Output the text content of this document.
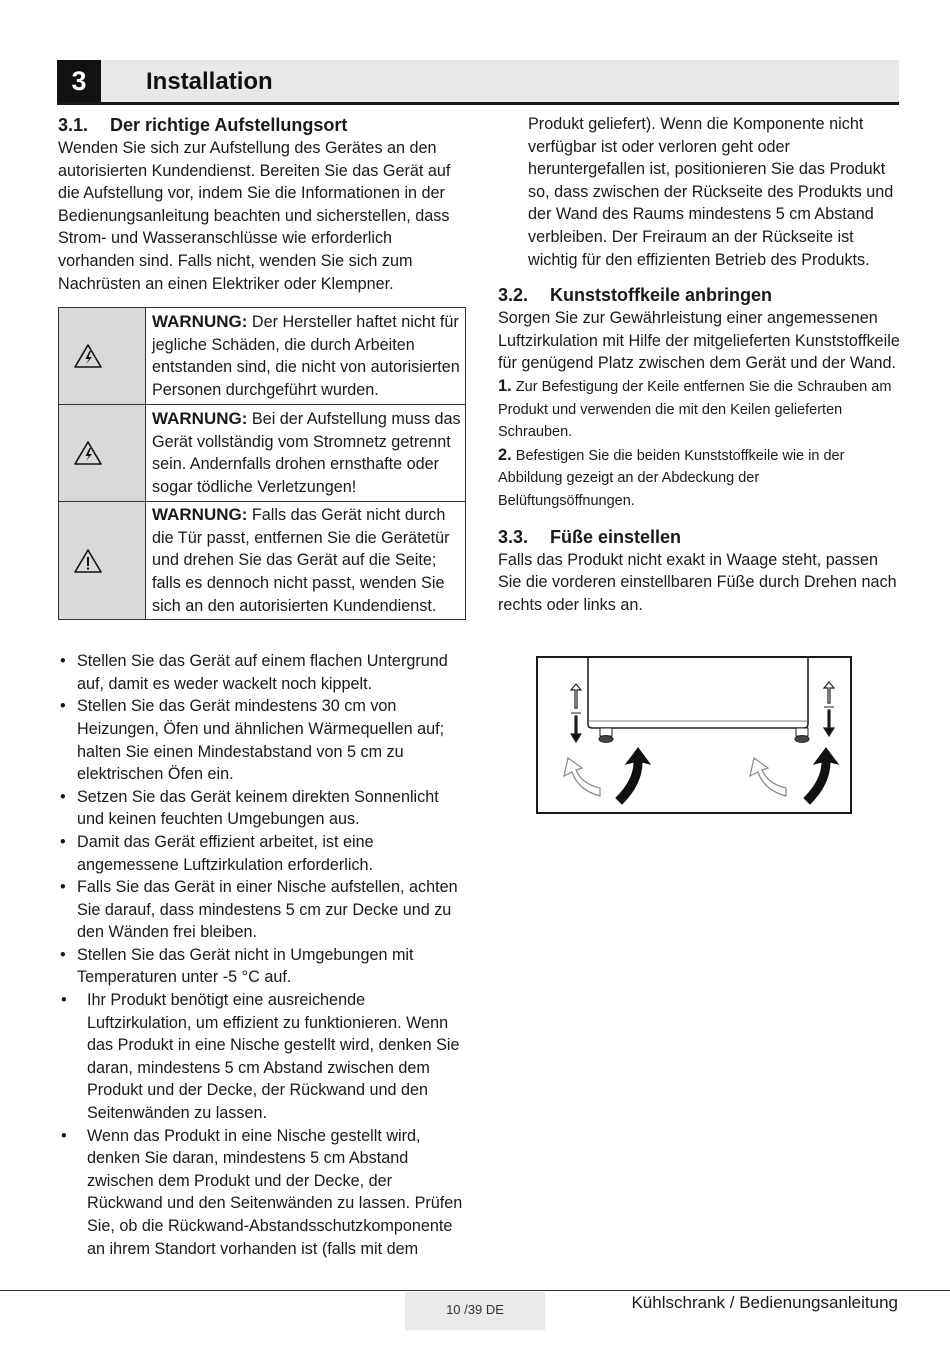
3	Installation
3.1. Der richtige Aufstellungsort

Wenden Sie sich zur Aufstellung des Gerätes an den autorisierten Kundendienst. Bereiten Sie das Gerät auf die Aufstellung vor, indem Sie die Informationen in der Bedienungsanleitung beachten und sicherstellen, dass Strom- und Wasseranschlüsse wie erforderlich vorhanden sind. Falls nicht, wenden Sie sich zum Nachrüsten an einen Elektriker oder Klempner.

	WARNUNG: Der Hersteller haftet nicht für jegliche Schäden, die durch Arbeiten entstanden sind, die nicht von autorisierten Personen durchgeführt wurden.

	WARNUNG: Bei der Aufstellung muss das Gerät vollständig vom Stromnetz getrennt sein. Andernfalls drohen ernsthafte oder sogar tödliche Verletzungen!

	WARNUNG: Falls das Gerät nicht durch die Tür passt, entfernen Sie die Gerätetür und drehen Sie das Gerät auf die Seite; falls es dennoch nicht passt, wenden Sie sich an den autorisierten Kundendienst.
• Stellen Sie das Gerät auf einem flachen Untergrund auf, damit es weder wackelt noch kippelt.
• Stellen Sie das Gerät mindestens 30 cm von Heizungen, Öfen und ähnlichen Wärmequellen auf; halten Sie einen Mindestabstand von 5 cm zu elektrischen Öfen ein.
• Setzen Sie das Gerät keinem direkten Sonnenlicht und keinen feuchten Umgebungen aus.
• Damit das Gerät effizient arbeitet, ist eine angemessene Luftzirkulation erforderlich.
• Falls Sie das Gerät in einer Nische aufstellen, achten Sie darauf, dass mindestens 5 cm zur Decke und zu den Wänden frei bleiben.
• Stellen Sie das Gerät nicht in Umgebungen mit Temperaturen unter -5 °C auf.
• Ihr Produkt benötigt eine ausreichende Luftzirkulation, um effizient zu funktionieren. Wenn das Produkt in eine Nische gestellt wird, denken Sie daran, mindestens 5 cm Abstand zwischen dem Produkt und der Decke, der Rückwand und den Seitenwänden zu lassen.
• Wenn das Produkt in eine Nische gestellt wird, denken Sie daran, mindestens 5 cm Abstand zwischen dem Produkt und der Decke, der Rückwand und den Seitenwänden zu lassen. Prüfen Sie, ob die Rückwand-Abstandsschutzkomponente an ihrem Standort vorhanden ist (falls mit dem

Produkt geliefert). Wenn die Komponente nicht verfügbar ist oder verloren geht oder heruntergefallen ist, positionieren Sie das Produkt so, dass zwischen der Rückseite des Produkts und der Wand des Raums mindestens 5 cm Abstand verbleiben. Der Freiraum an der Rückseite ist wichtig für den effizienten Betrieb des Produkts.

3.2. Kunststoffkeile anbringen

Sorgen Sie zur Gewährleistung einer angemessenen Luftzirkulation mit Hilfe der mitgelieferten Kunststoffkeile für genügend Platz zwischen dem Gerät und der Wand.

1. Zur Befestigung der Keile entfernen Sie die Schrauben am Produkt und verwenden die mit den Keilen gelieferten Schrauben.

2. Befestigen Sie die beiden Kunststoffkeile wie in der Abbildung gezeigt an der Abdeckung der Belüftungsöffnungen.

3.3. Füße einstellen

Falls das Produkt nicht exakt in Waage steht, passen Sie die vorderen einstellbaren Füße durch Drehen nach rechts oder links an.

10 /39 DE	Kühlschrank / Bedienungsanleitung
